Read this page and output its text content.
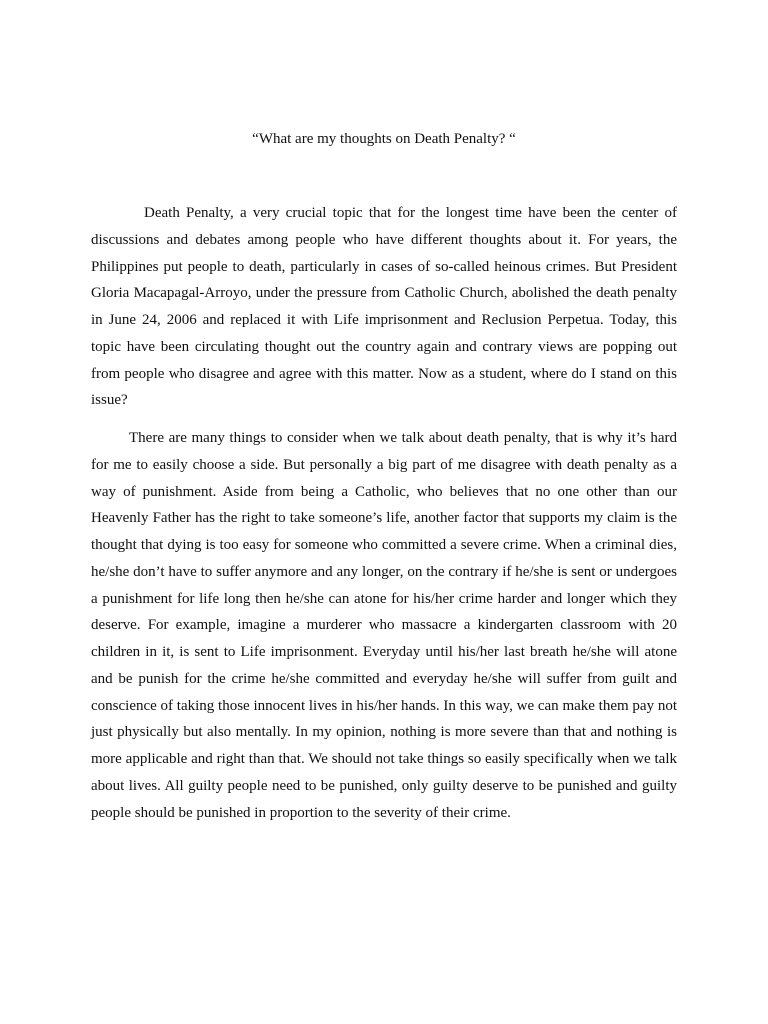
“What are my thoughts on Death Penalty? “

Death Penalty, a very crucial topic that for the longest time have been the center of discussions and debates among people who have different thoughts about it. For years, the Philippines put people to death, particularly in cases of so-called heinous crimes. But President Gloria Macapagal-Arroyo, under the pressure from Catholic Church, abolished the death penalty in June 24, 2006 and replaced it with Life imprisonment and Reclusion Perpetua. Today, this topic have been circulating thought out the country again and contrary views are popping out from people who disagree and agree with this matter. Now as a student, where do I stand on this issue?

There are many things to consider when we talk about death penalty, that is why it’s hard for me to easily choose a side. But personally a big part of me disagree with death penalty as a way of punishment. Aside from being a Catholic, who believes that no one other than our Heavenly Father has the right to take someone’s life, another factor that supports my claim is the thought that dying is too easy for someone who committed a severe crime. When a criminal dies, he/she don’t have to suffer anymore and any longer, on the contrary if he/she is sent or undergoes a punishment for life long then he/she can atone for his/her crime harder and longer which they deserve. For example, imagine a murderer who massacre a kindergarten classroom with 20 children in it, is sent to Life imprisonment. Everyday until his/her last breath he/she will atone and be punish for the crime he/she committed and everyday he/she will suffer from guilt and conscience of taking those innocent lives in his/her hands. In this way, we can make them pay not just physically but also mentally. In my opinion, nothing is more severe than that and nothing is more applicable and right than that. We should not take things so easily specifically when we talk about lives. All guilty people need to be punished, only guilty deserve to be punished and guilty people should be punished in proportion to the severity of their crime.
